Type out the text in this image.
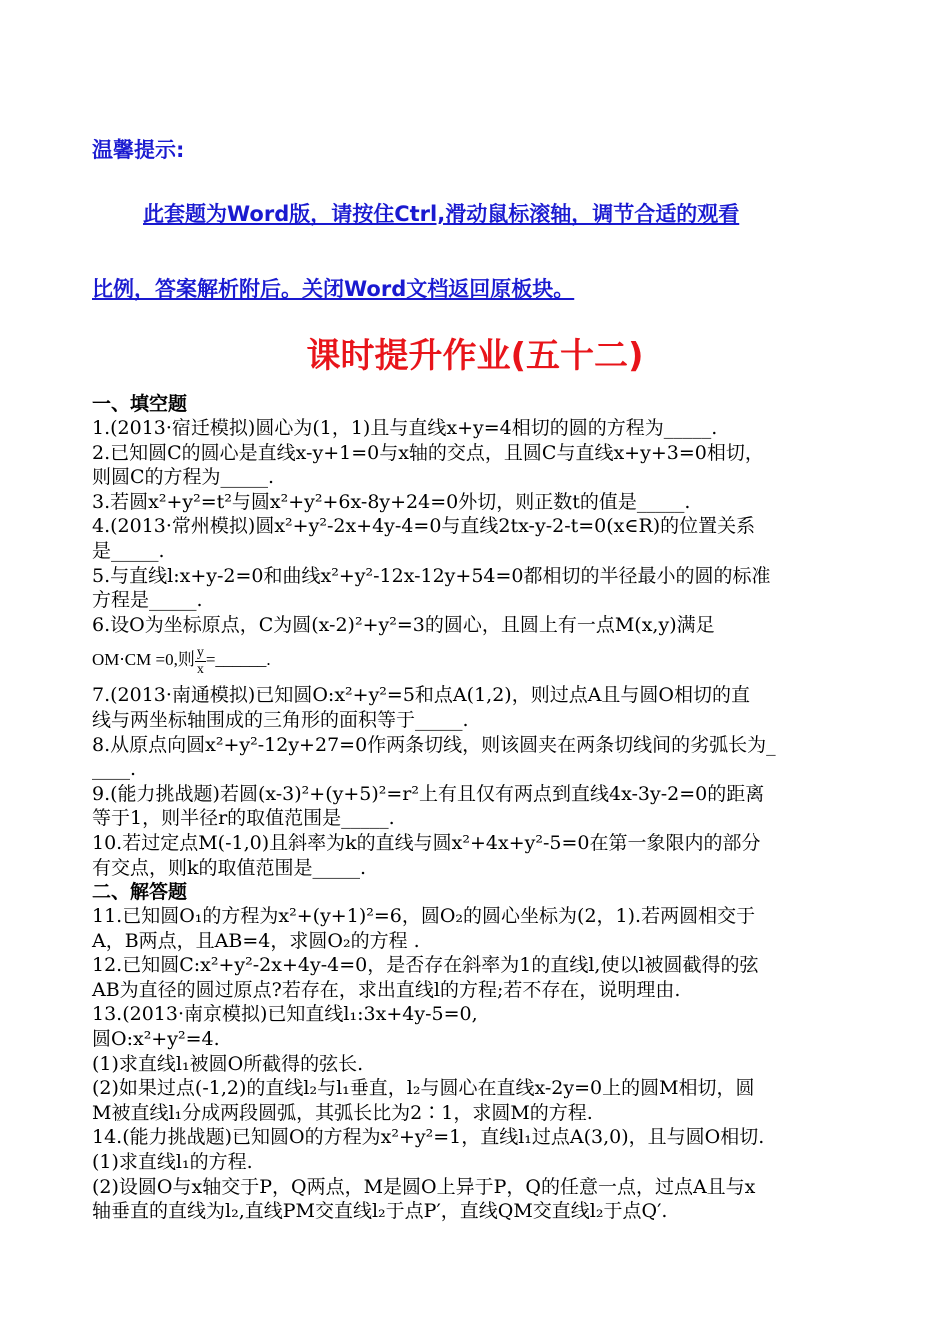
温馨提示:
此套题为Word版，请按住Ctrl,滑动鼠标滚轴，调节合适的观看
比例，答案解析附后。关闭Word文档返回原板块。
课时提升作业(五十二)
一、填空题
1.(2013·宿迁模拟)圆心为(1，1)且与直线x+y=4相切的圆的方程为_____.
2.已知圆C的圆心是直线x-y+1=0与x轴的交点，且圆C与直线x+y+3=0相切，
则圆C的方程为_____.
3.若圆x²+y²=t²与圆x²+y²+6x-8y+24=0外切，则正数t的值是_____.
4.(2013·常州模拟)圆x²+y²-2x+4y-4=0与直线2tx-y-2-t=0(x∈R)的位置关系
是_____.
5.与直线l:x+y-2=0和曲线x²+y²-12x-12y+54=0都相切的半径最小的圆的标准
方程是_____.
6.设O为坐标原点，C为圆(x-2)²+y²=3的圆心，且圆上有一点M(x,y)满足
OM⋅CM =0,则 $\frac{y}{x}$ =______.
7.(2013·南通模拟)已知圆O:x²+y²=5和点A(1,2)，则过点A且与圆O相切的直
线与两坐标轴围成的三角形的面积等于_____.
8.从原点向圆x²+y²-12y+27=0作两条切线，则该圆夹在两条切线间的劣弧长为_
____.
9.(能力挑战题)若圆(x-3)²+(y+5)²=r²上有且仅有两点到直线4x-3y-2=0的距离
等于1，则半径r的取值范围是_____.
10.若过定点M(-1,0)且斜率为k的直线与圆x²+4x+y²-5=0在第一象限内的部分
有交点，则k的取值范围是_____.
二、解答题
11.已知圆O₁的方程为x²+(y+1)²=6，圆O₂的圆心坐标为(2，1).若两圆相交于
A，B两点，且AB=4，求圆O₂的方程 .
12.已知圆C:x²+y²-2x+4y-4=0，是否存在斜率为1的直线l,使以l被圆截得的弦
AB为直径的圆过原点?若存在，求出直线l的方程;若不存在，说明理由.
13.(2013·南京模拟)已知直线l₁:3x+4y-5=0,
圆O:x²+y²=4.
(1)求直线l₁被圆O所截得的弦长.
(2)如果过点(-1,2)的直线l₂与l₁垂直，l₂与圆心在直线x-2y=0上的圆M相切，圆
M被直线l₁分成两段圆弧，其弧长比为2∶1，求圆M的方程.
14.(能力挑战题)已知圆O的方程为x²+y²=1，直线l₁过点A(3,0)，且与圆O相切.
(1)求直线l₁的方程.
(2)设圆O与x轴交于P，Q两点，M是圆O上异于P，Q的任意一点，过点A且与x
轴垂直的直线为l₂,直线PM交直线l₂于点P′，直线QM交直线l₂于点Q′.
